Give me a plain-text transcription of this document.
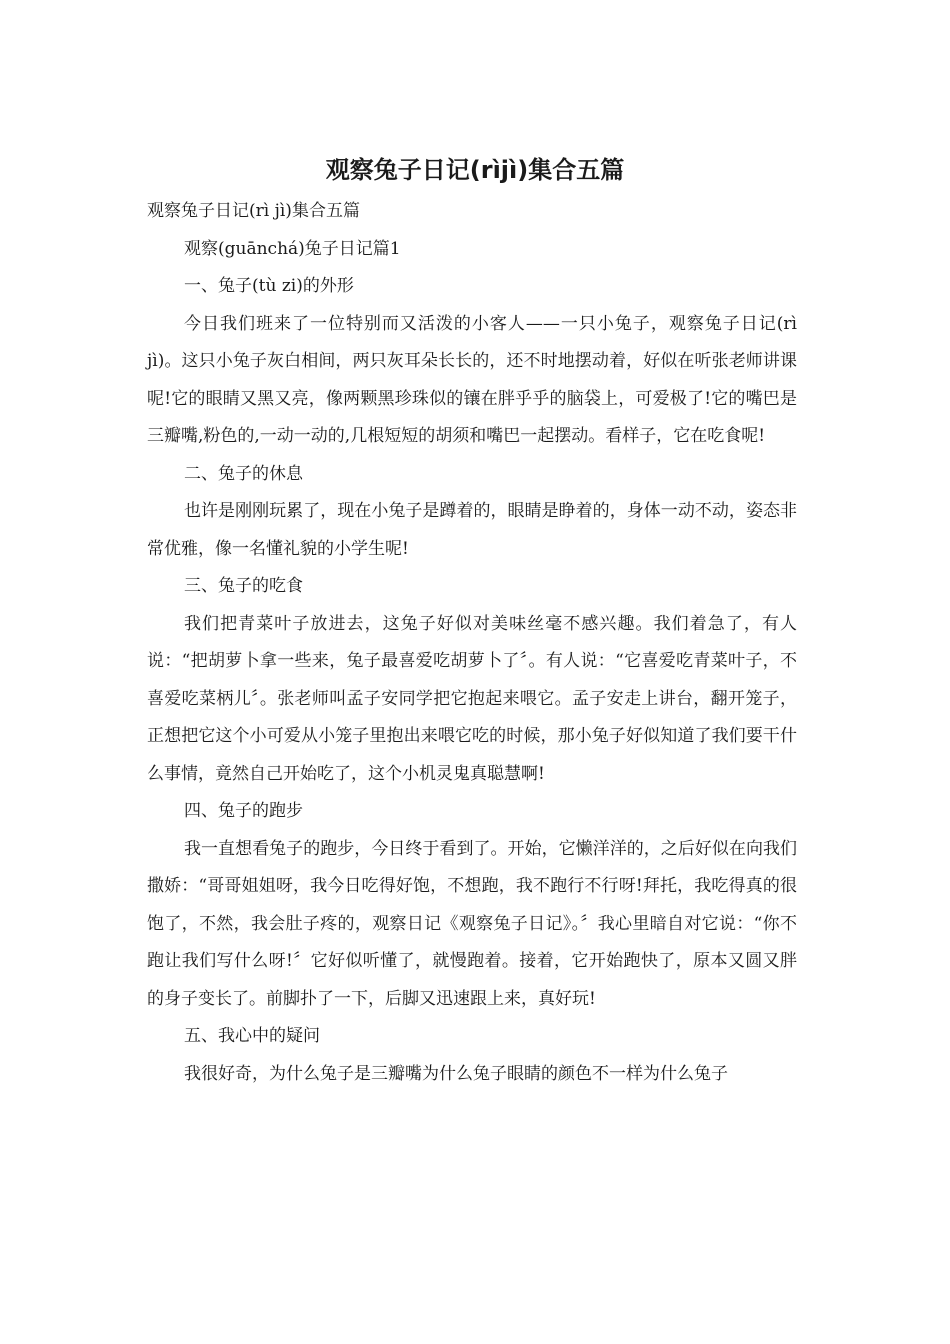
观察兔子日记(rìjì)集合五篇

观察兔子日记(rì jì)集合五篇

观察(guānchá)兔子日记篇1

一、兔子(tù zi)的外形

今日我们班来了一位特别而又活泼的小客人——一只小兔子，观察兔子日记(rì jì)。这只小兔子灰白相间，两只灰耳朵长长的，还不时地摆动着，好似在听张老师讲课呢!它的眼睛又黑又亮，像两颗黑珍珠似的镶在胖乎乎的脑袋上，可爱极了!它的嘴巴是三瓣嘴,粉色的,一动一动的,几根短短的胡须和嘴巴一起摆动。看样子，它在吃食呢!

二、兔子的休息

也许是刚刚玩累了，现在小兔子是蹲着的，眼睛是睁着的，身体一动不动，姿态非常优雅，像一名懂礼貌的小学生呢!

三、兔子的吃食

我们把青菜叶子放进去，这兔子好似对美味丝毫不感兴趣。我们着急了，有人说：“把胡萝卜拿一些来，兔子最喜爱吃胡萝卜了〞。有人说：“它喜爱吃青菜叶子，不喜爱吃菜柄儿〞。张老师叫孟子安同学把它抱起来喂它。孟子安走上讲台，翻开笼子，正想把它这个小可爱从小笼子里抱出来喂它吃的时候，那小兔子好似知道了我们要干什么事情，竟然自己开始吃了，这个小机灵鬼真聪慧啊!

四、兔子的跑步

我一直想看兔子的跑步，今日终于看到了。开始，它懒洋洋的，之后好似在向我们撒娇：“哥哥姐姐呀，我今日吃得好饱，不想跑，我不跑行不行呀!拜托，我吃得真的很饱了，不然，我会肚子疼的，观察日记《观察兔子日记》。〞我心里暗自对它说：“你不跑让我们写什么呀!〞它好似听懂了，就慢跑着。接着，它开始跑快了，原本又圆又胖的身子变长了。前脚扑了一下，后脚又迅速跟上来，真好玩!

五、我心中的疑问

我很好奇，为什么兔子是三瓣嘴为什么兔子眼睛的颜色不一样为什么兔子
